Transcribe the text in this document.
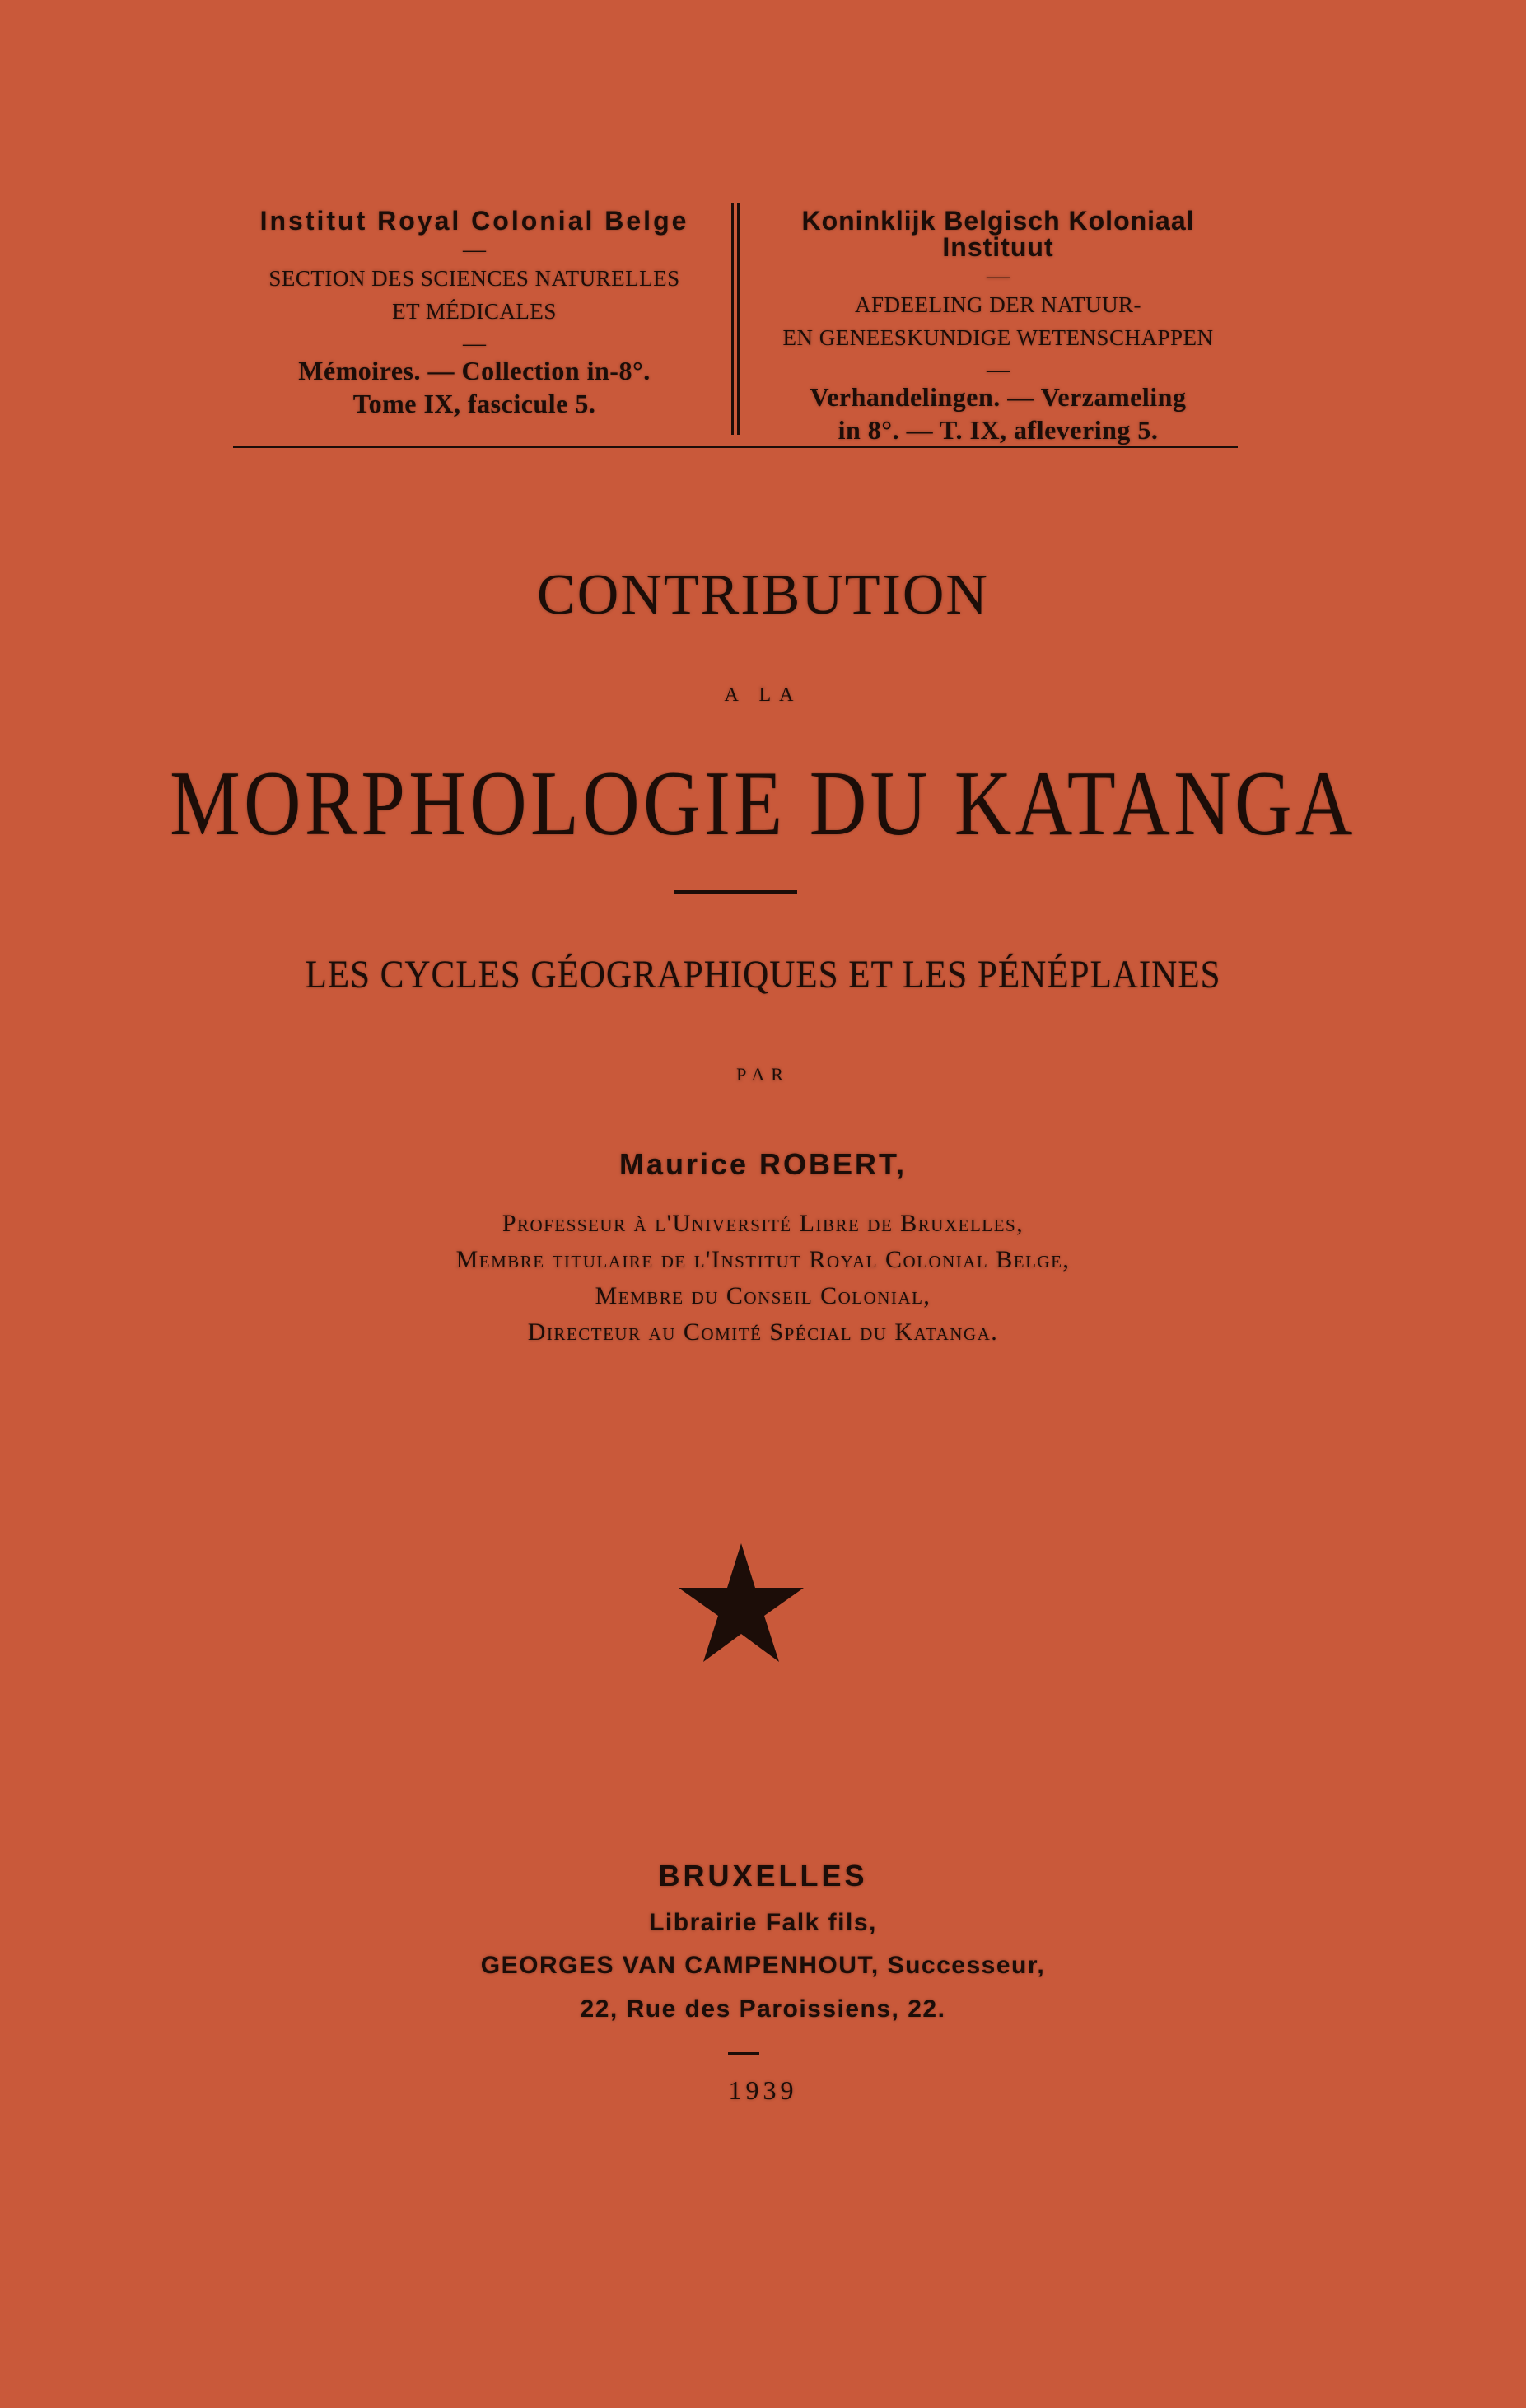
Institut Royal Colonial Belge
—
SECTION DES SCIENCES NATURELLES
ET MÉDICALES
—
Mémoires. — Collection in-8°.
Tome IX, fascicule 5.
Koninklijk Belgisch Koloniaal Instituut
—
AFDEELING DER NATUUR-
EN GENEESKUNDIGE WETENSCHAPPEN
—
Verhandelingen. — Verzameling
in 8°. — T. IX, aflevering 5.
CONTRIBUTION
A LA
MORPHOLOGIE DU KATANGA
LES CYCLES GÉOGRAPHIQUES ET LES PÉNÉPLAINES
PAR
Maurice ROBERT,
Professeur à l'Université Libre de Bruxelles,
Membre titulaire de l'Institut Royal Colonial Belge,
Membre du Conseil Colonial,
Directeur au Comité Spécial du Katanga.
BRUXELLES
Librairie Falk fils,
GEORGES VAN CAMPENHOUT, Successeur,
22, Rue des Paroissiens, 22.
1939
